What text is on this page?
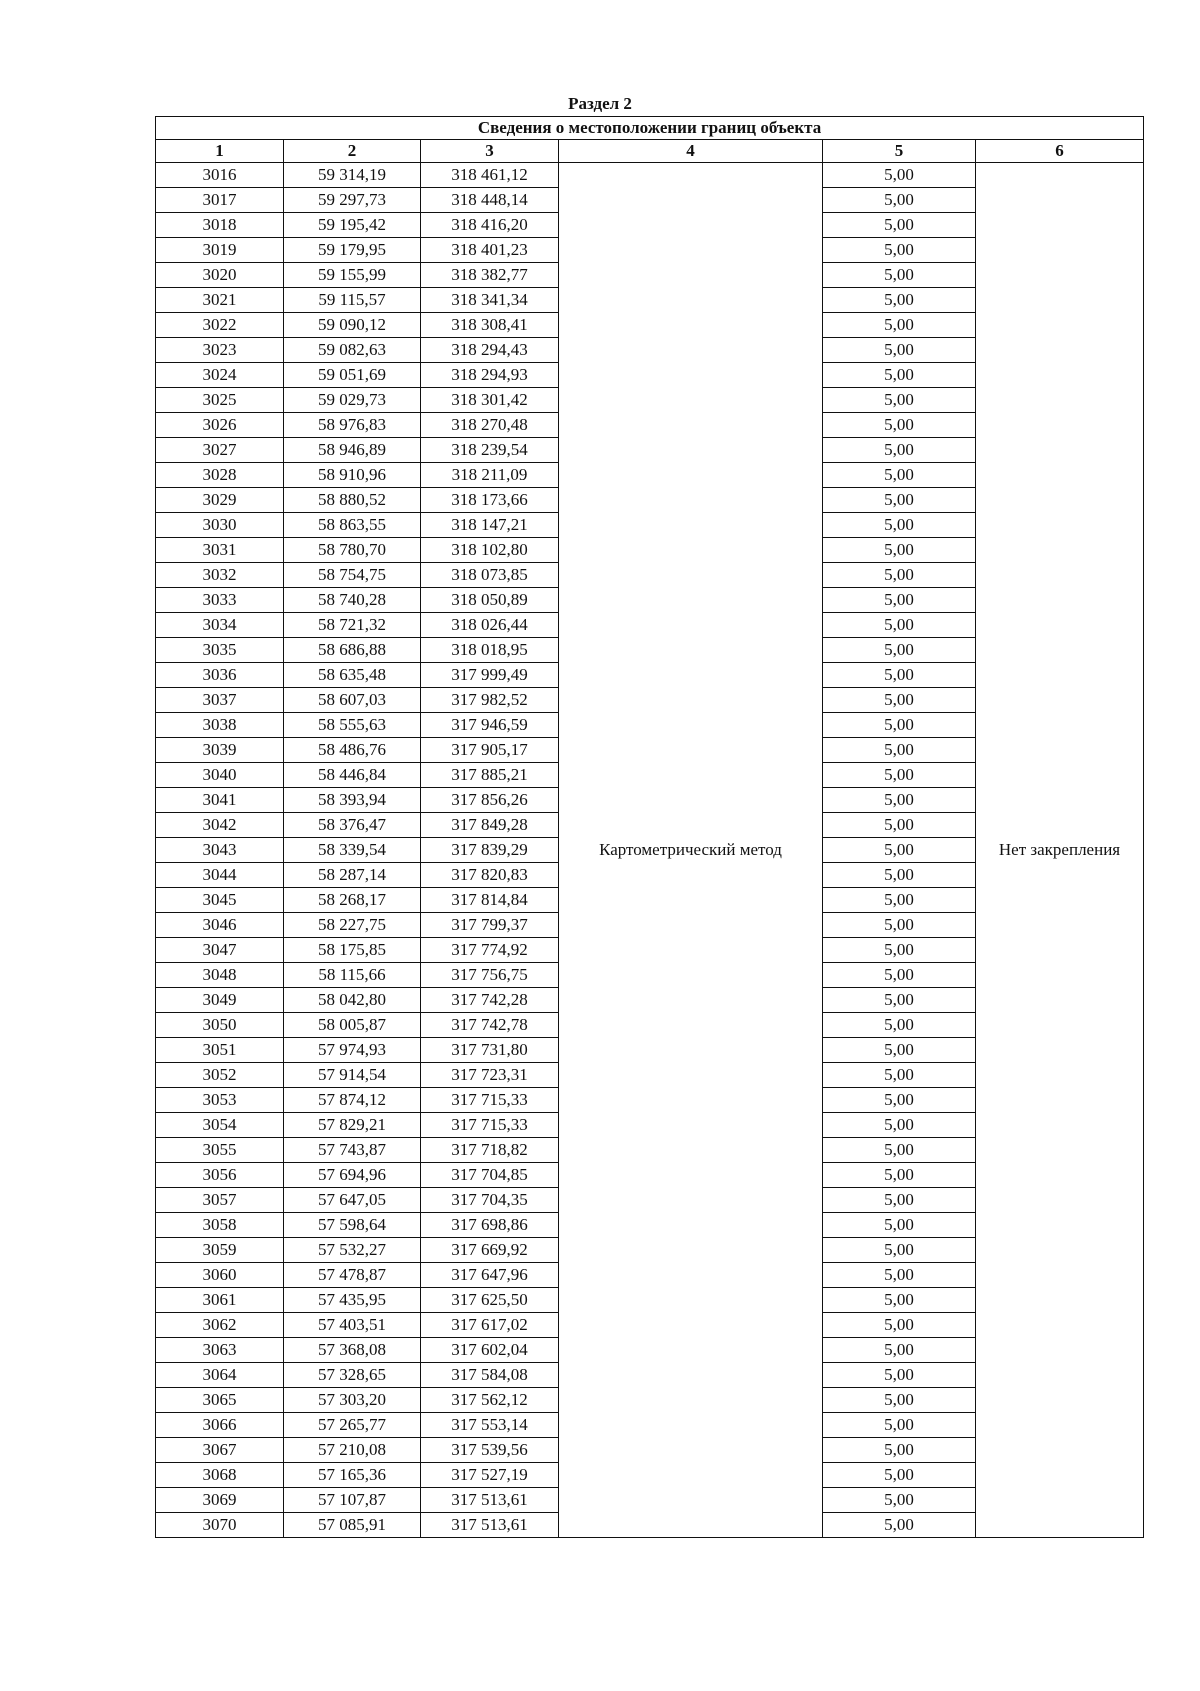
Раздел 2
Сведения о местоположении границ объекта					
1	2	3	4	5	6
3016	59 314,19	318 461,12	Картометрический метод	5,00	Нет закрепления
3017	59 297,73	318 448,14		5,00	
3018	59 195,42	318 416,20		5,00	
3019	59 179,95	318 401,23		5,00	
3020	59 155,99	318 382,77		5,00	
3021	59 115,57	318 341,34		5,00	
3022	59 090,12	318 308,41		5,00	
3023	59 082,63	318 294,43		5,00	
3024	59 051,69	318 294,93		5,00	
3025	59 029,73	318 301,42		5,00	
3026	58 976,83	318 270,48		5,00	
3027	58 946,89	318 239,54		5,00	
3028	58 910,96	318 211,09		5,00	
3029	58 880,52	318 173,66		5,00	
3030	58 863,55	318 147,21		5,00	
3031	58 780,70	318 102,80		5,00	
3032	58 754,75	318 073,85		5,00	
3033	58 740,28	318 050,89		5,00	
3034	58 721,32	318 026,44		5,00	
3035	58 686,88	318 018,95		5,00	
3036	58 635,48	317 999,49		5,00	
3037	58 607,03	317 982,52		5,00	
3038	58 555,63	317 946,59		5,00	
3039	58 486,76	317 905,17		5,00	
3040	58 446,84	317 885,21		5,00	
3041	58 393,94	317 856,26		5,00	
3042	58 376,47	317 849,28		5,00	
3043	58 339,54	317 839,29		5,00	
3044	58 287,14	317 820,83		5,00	
3045	58 268,17	317 814,84		5,00	
3046	58 227,75	317 799,37		5,00	
3047	58 175,85	317 774,92		5,00	
3048	58 115,66	317 756,75		5,00	
3049	58 042,80	317 742,28		5,00	
3050	58 005,87	317 742,78		5,00	
3051	57 974,93	317 731,80		5,00	
3052	57 914,54	317 723,31		5,00	
3053	57 874,12	317 715,33		5,00	
3054	57 829,21	317 715,33		5,00	
3055	57 743,87	317 718,82		5,00	
3056	57 694,96	317 704,85		5,00	
3057	57 647,05	317 704,35		5,00	
3058	57 598,64	317 698,86		5,00	
3059	57 532,27	317 669,92		5,00	
3060	57 478,87	317 647,96		5,00	
3061	57 435,95	317 625,50		5,00	
3062	57 403,51	317 617,02		5,00	
3063	57 368,08	317 602,04		5,00	
3064	57 328,65	317 584,08		5,00	
3065	57 303,20	317 562,12		5,00	
3066	57 265,77	317 553,14		5,00	
3067	57 210,08	317 539,56		5,00	
3068	57 165,36	317 527,19		5,00	
3069	57 107,87	317 513,61		5,00	
3070	57 085,91	317 513,61		5,00	
